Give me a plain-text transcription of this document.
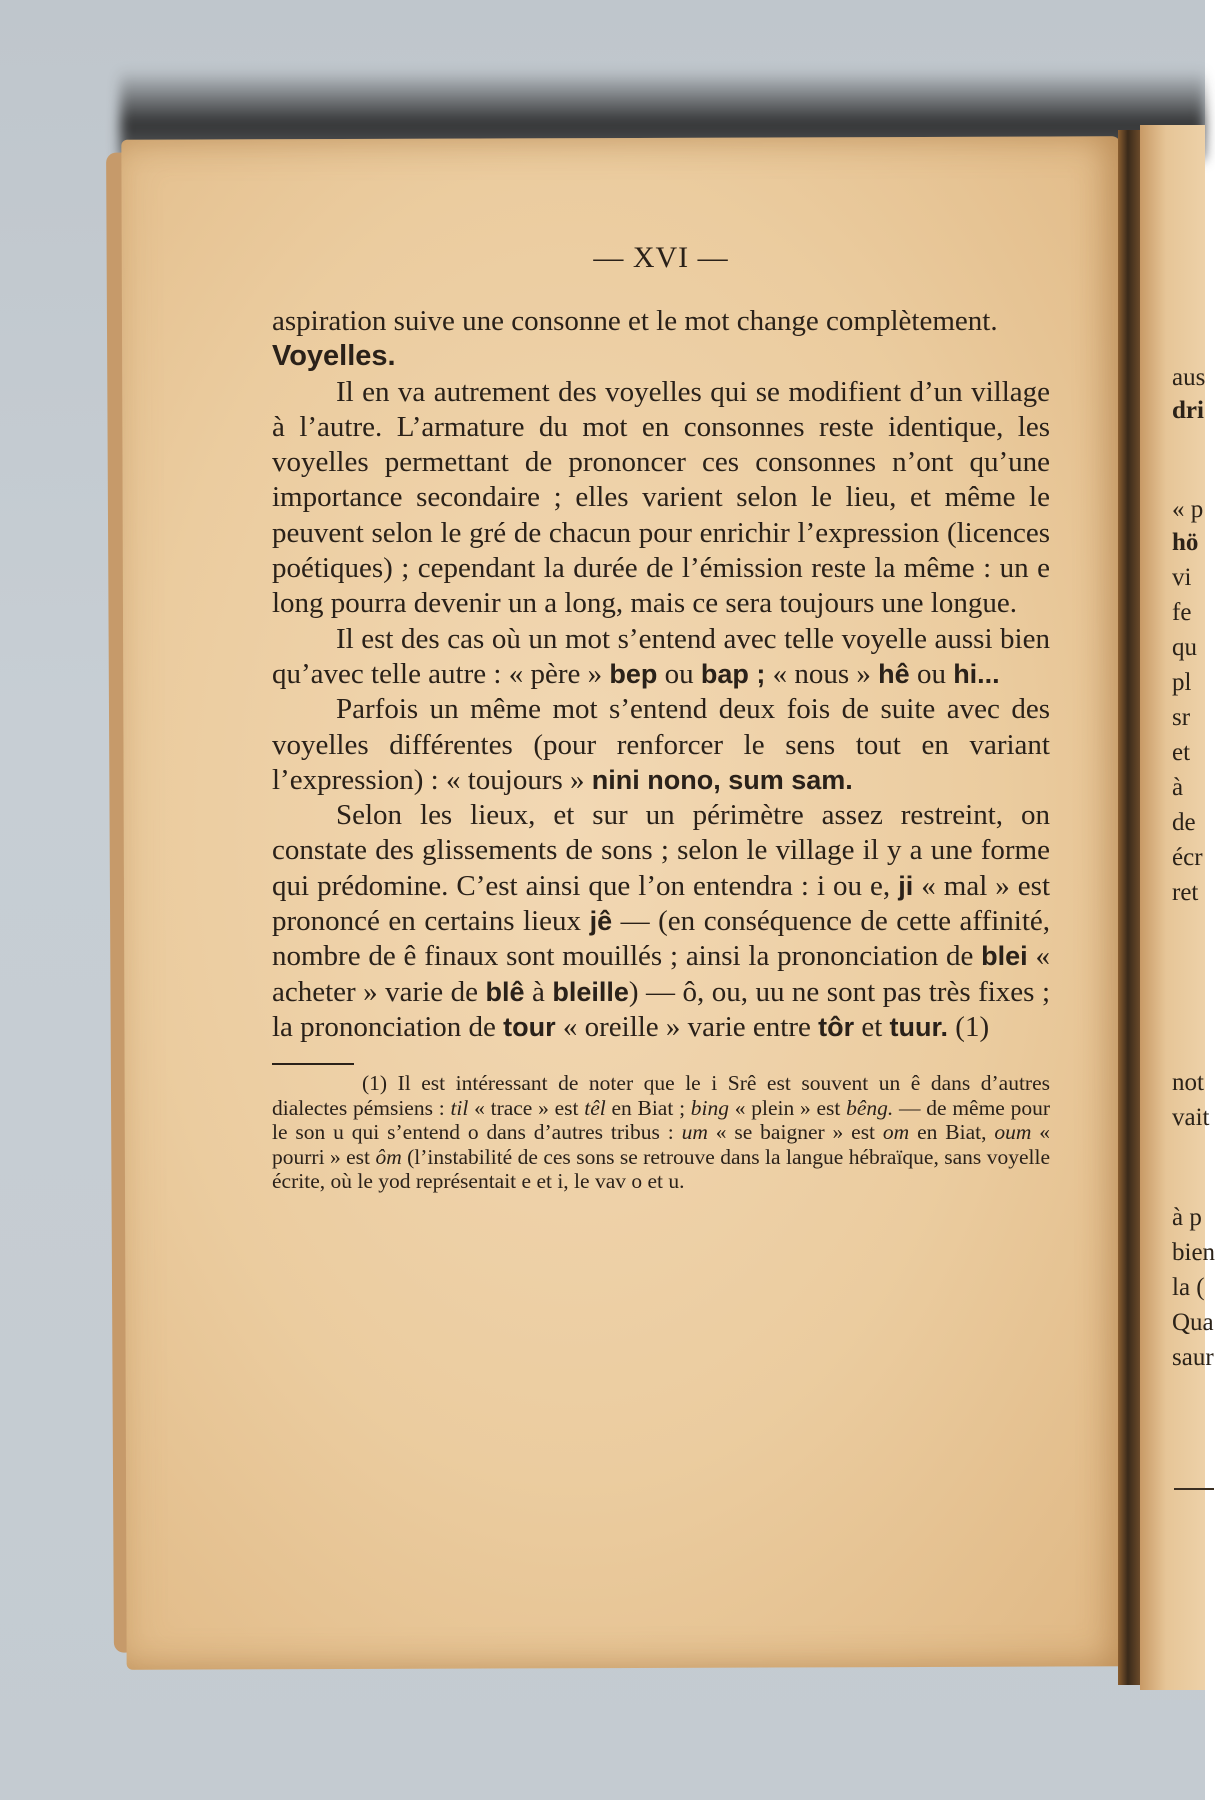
aus
dri
« p
hö
vi
fe
qu
pl
sr
et
à
de
écr
ret
not
vait
à p
bien
la (
Qua
saur
— XVI —

aspiration suive une consonne et le mot change complètement.

Voyelles.

Il en va autrement des voyelles qui se modifient d’un village à l’autre. L’armature du mot en consonnes reste identique, les voyelles permettant de prononcer ces consonnes n’ont qu’une importance secondaire ; elles varient selon le lieu, et même le peuvent selon le gré de chacun pour enrichir l’expression (licences poétiques) ; cependant la durée de l’émission reste la même : un e long pourra devenir un a long, mais ce sera toujours une longue.

Il est des cas où un mot s’entend avec telle voyelle aussi bien qu’avec telle autre : « père » bep ou bap ; « nous » hê ou hi...

Parfois un même mot s’entend deux fois de suite avec des voyelles différentes (pour renforcer le sens tout en variant l’expression) : « toujours » nini nono, sum sam.

Selon les lieux, et sur un périmètre assez restreint, on constate des glissements de sons ; selon le village il y a une forme qui prédomine. C’est ainsi que l’on entendra : i ou e, ji « mal » est prononcé en certains lieux jê — (en conséquence de cette affinité, nombre de ê finaux sont mouillés ; ainsi la prononciation de blei « acheter » varie de blê à bleille) — ô, ou, uu ne sont pas très fixes ; la prononciation de tour « oreille » varie entre tôr et tuur. (1)

(1) Il est intéressant de noter que le i Srê est souvent un ê dans d’autres dialectes pémsiens : til « trace » est têl en Biat ; bing « plein » est bêng. — de même pour le son u qui s’entend o dans d’autres tribus : um « se baigner » est om en Biat, oum « pourri » est ôm (l’instabilité de ces sons se retrouve dans la langue hébraïque, sans voyelle écrite, où le yod représentait e et i, le vav o et u.
